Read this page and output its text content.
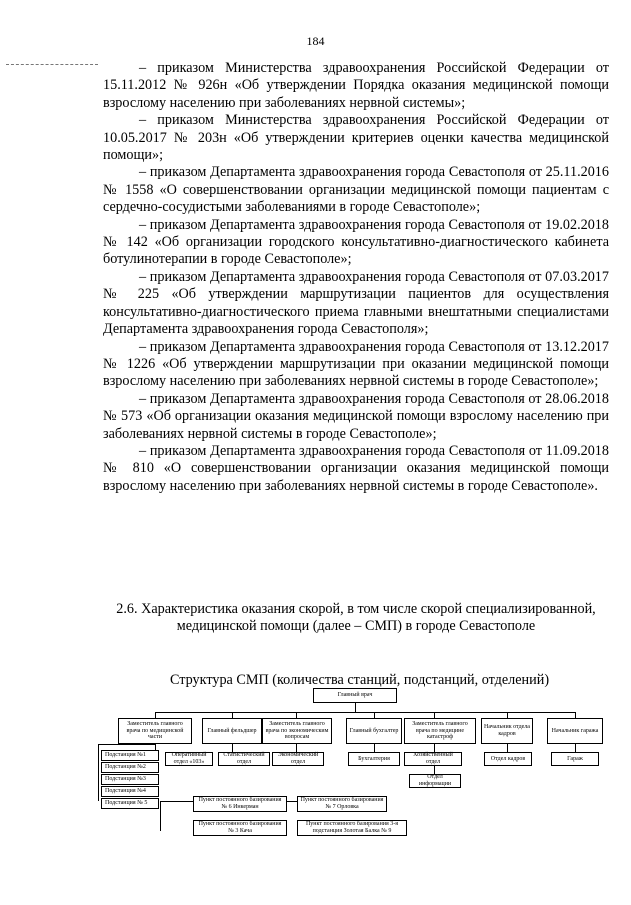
184

– приказом Министерства здравоохранения Российской Федерации от 15.11.2012 № 926н «Об утверждении Порядка оказания медицинской помощи взрослому населению при заболеваниях нервной системы»;

– приказом Министерства здравоохранения Российской Федерации от 10.05.2017 № 203н «Об утверждении критериев оценки качества медицинской помощи»;

– приказом Департамента здравоохранения города Севастополя от 25.11.2016 № 1558 «О совершенствовании организации медицинской помощи пациентам с сердечно-сосудистыми заболеваниями в городе Севастополе»;

– приказом Департамента здравоохранения города Севастополя от 19.02.2018 № 142 «Об организации городского консультативно-диагностического кабинета ботулинотерапии в городе Севастополе»;

– приказом Департамента здравоохранения города Севастополя от 07.03.2017 № 225 «Об утверждении маршрутизации пациентов для осуществления консультативно-диагностического приема главными внештатными специалистами Департамента здравоохранения города Севастополя»;

– приказом Департамента здравоохранения города Севастополя от 13.12.2017 № 1226 «Об утверждении маршрутизации при оказании медицинской помощи взрослому населению при заболеваниях нервной системы в городе Севастополе»;

– приказом Департамента здравоохранения города Севастополя от 28.06.2018 № 573 «Об организации оказания медицинской помощи взрослому населению при заболеваниях нервной системы в городе Севастополе»;

– приказом Департамента здравоохранения города Севастополя от 11.09.2018 № 810 «О совершенствовании организации оказания медицинской помощи взрослому населению при заболеваниях нервной системы в городе Севастополе».

2.6. Характеристика оказания скорой, в том числе скорой специализированной, медицинской помощи (далее – СМП) в городе Севастополе

Структура СМП (количества станций, подстанций, отделений)
Главный врач
Заместитель главного врача по медицинской части
Главный фельдшер
Заместитель главного врача по экономическим вопросам
Главный бухгалтер
Заместитель главного врача по медицине катастроф
Начальник отдела кадров
Начальник гаража
Подстанция №1
Подстанция №2
Подстанция №3
Подстанция №4
Подстанция № 5
Оперативный отдел «103»
Статистический отдел
Экономический отдел
Бухгалтерия
Хозяйственный отдел
Отдел кадров	Гараж
Отдел информации
Пункт постоянного базирования № 6 Инкерман
Пункт постоянного базирования № 7 Орловка
Пункт постоянного базирования № 3 Кача
Пункт постоянного базирования 3-я подстанция Золотая Балка № 9
